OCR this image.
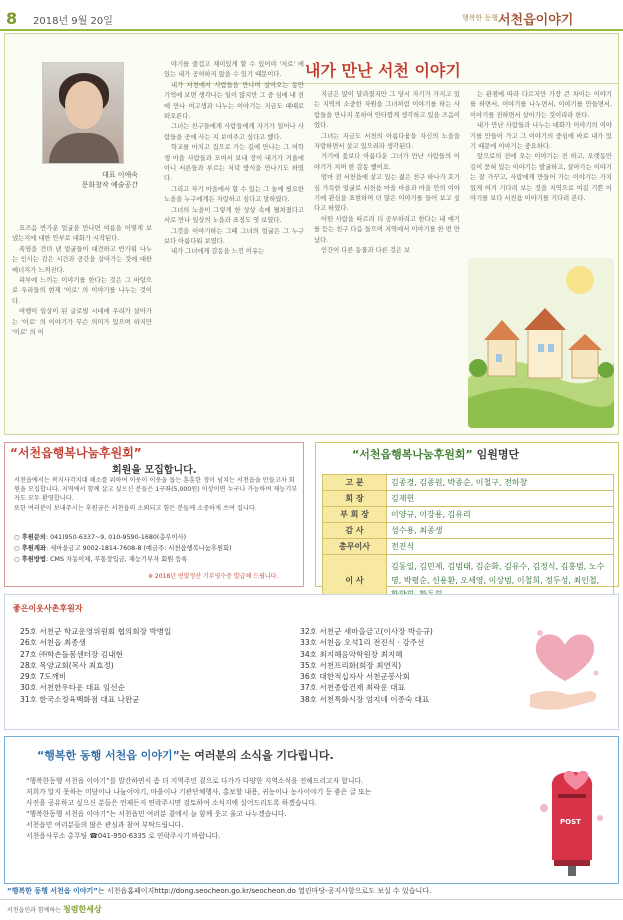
8 2018년 9월 20일	행복한 동행 서천읍이야기
내가 만난 서천 이야기
대표 이애숙
문화창작 예술공간

요즈음 반가운 얼굴을 만나면 여름을 어떻게 보냈는지에 대한 안부로 대화가 시작된다.

폭염을 견뎌 낸 얼굴들이 대견하고 반가워 나누는 인사는 감은 시간과 공간을 살아가는 것에 대한 에너지가 느껴진다.

피부에 느끼는 이야기를 한다는 것은 그 바탕으로 우리들의 현재 '이로' 의 이야기를 나누는 것이다.

여행이 일상이 된 글로벌 시대에 우리가 살아가는 '이로' 의 이야기가 무슨 의미가 있으며 하지만 '이로' 의 이

야기를 즐겁고 재미있게 할 수 있어야 '저로' 에 있는 내가 공허하지 않을 수 있기 때문이다.

내가 서천에서 사람들을 만나며 살아오는 동안 기억에 보면 생각나는 일이 많지만 그 중 심에 내 전에 만나 여고생과 나누는 이야기는 지금도 때때로 떠오른다.

그녀는 친구들에게 사람들에게 자기가 일어나 사람들을 곳에 사는 지 보여주고 싶다고 했다.

학교를 마치고 집으로 가는 길에 만나는 그 여학생 마을 사람들과 모여서 보내 장이 내기가 겨울에 아니 서른들과 부르는 저녁 방식을 만나기도 하였다.

그리고 자기 마을에서 할 수 있는 그 놀에 필요한 노을을 누구에게든 자랑하고 싶다고 말하였다.

그녀의 노을이 그렇게 한 상상 속에 펼쳐졌다고 서로 만나 일상의 노을과 표정도 엿 보였다.

그것을 이야기하는 그때 그녀의 얼굴은 그 누구 보다 아름다워 보였다.

내가 그녀에게 감동을 느낀 이유는

지금은 많이 달라졌지만 그 당시 자기가 가지고 있는 지역의 소중한 자원을 그녀처럼 이야기를 하는 사람들을 만나지 못하여 안타깝게 생각하고 있을 즈음이었다.

그녀는 지금도 서천의 아름다움을 자신의 노을을 자랑하면서 살고 있으리라 생각된다.

거기에 꽃보다 아름다운 그녀가 만난 사람들의 이야기가 지며 한 감동 했어요.

엄마 전 서천읍에 살고 있는 젊은 친구 하나가 호기심 가득한 얼굴로 서천읍 마을 마을과 마을 안의 이야기에 관심을 표현하며 더 많은 이야기를 들어 보고 싶다고 하였다.

어떤 사람을 따르려 더 공부하려고 한다는 내 얘기를 듣는 친구 다음 들으며 지역에서 이야기를 한 번 만났다.

인간이 다른 동물과 다른 것은 보

는 관점에 따라 다르지만 가장 큰 차이는 이야기를 하면서, 이야기를 나누면서, 이야기를 만들면서, 이야기를 전하면서 살아가는 것이리라 한다.

내가 만난 사람들과 나누는 대화가 이야기의 이야기를 만들어 가고 그 이야기의 중심에 바로 내가 있기 때문에 이야기는 중요하다.

앞으로의 전에 오는 이야기는 전 하고, 오랫동안 깊이 묻혀 있는 이야기는 발굴하고, 살아가는 이야기는 잘 가꾸고, 사람에게 만들어 가는 이야기는 가치 있게 여겨 기다려 보는 것을 지역으로 여길 기쁜 이야기를 보다 서천읍 이야기를 기다려 본다.

“서천읍행복나눔후원회”
회원을 모집합니다.
서천읍에서는 복지사각지대 해소를 위하여 이웃이 이웃을 돕는 훈훈한 정이 넘치는 서천읍을 만들고자 회원을 모집합니다. 지역에서 함께 살고 싶으신 분들은 1구좌(5,000원) 이상이면 누구나 가능하며 재능기부자도 모두 환영합니다.
또한 여러분이 보내주시는 후원금은 서천읍의 소외되고 힘든 분들께 소중하게 쓰여 집니다.
○ 후원문의: 041)950-6337~9, 010-9590-1680(총무이사)
○ 후원계좌: 새마을금고 9002-1814-7608-8 (예금주: 서천읍행복나눔후원회)
○ 후원방법: CMS 자동이체, 무통장입금, 재능기부자 회원 등록
※ 2018년 연말정산 기부영수증 발급해 드립니다.
“서천읍행복나눔후원회” 임원명단
고 문	김종경, 김종원, 박종순, 이철구, 전하창
회 장	김재헌
부 회 장	이양규, 이강용, 김유리
감 사	성수용, 최종생
총무이사	전진식
이 사	김동일, 김민제, 김범태, 김순화, 김유수, 김정식, 김홍범, 노수명, 박평순, 신용환, 오세영, 이상범, 이철희, 정두성, 최인철,
좋은이웃사촌후원자
25호 서천군 학교운영위원회 협의회장 박병일
26호 서천읍 최종생
27호 ㈜학손돌봄센터장 김내현
28호 목양교회(목사 최효정)
29호 7도깨비
30호 서천한우타운 대표 임선순
31호 한국소정육백화점 대표 나완균
32호 서천군 새마을금고(이사장 박승규)
33호 서천읍 오석1리 전진식 · 강주선
34호 최지혜음악학원장 최지혜
35호 서천프리화(회장 최연직)
36호 대한적십자사 서천군봉사회
37호 서천종합건재 최락운 대표
38호 서천특화시장 엄지네 이종숙 대표
“행복한 동행 서천읍 이야기”는 여러분의 소식을 기다립니다.
“행복한동행 서천읍 이야기”를 발간하면서 좀 더 지역주민 곁으로 다가가 다양한 지역소식을 전해드리고자 합니다.
저희가 알지 못하는 미담이나 나눔이야기, 마을이나 기관단체행사, 홍보할 내용, 귀농이나 농사이야기 등 좋은 글 또는
사진을 공유하고 싶으신 분들은 언제든지 연락주시면 검토하여 소식지에 실어드리도록 하겠습니다.
“행복한동행 서천읍 이야기”는 서천읍민 여러분 곁에서 늘 함께 웃고 울고 나누겠습니다.
서천읍민 여러분들의 많은 관심과 참여 부탁드립니다.
서천읍사무소 총무팀 ☎041-950-6335 로 연락주시기 바랍니다.
POST
“행복한 동행 서천읍 이야기”는 서천읍홈페이지http://dong.seocheon.go.kr/seocheon.do 열린마당-공지사항으로도 보실 수 있습니다.
서천읍민과 함께하는 청렴한세상
